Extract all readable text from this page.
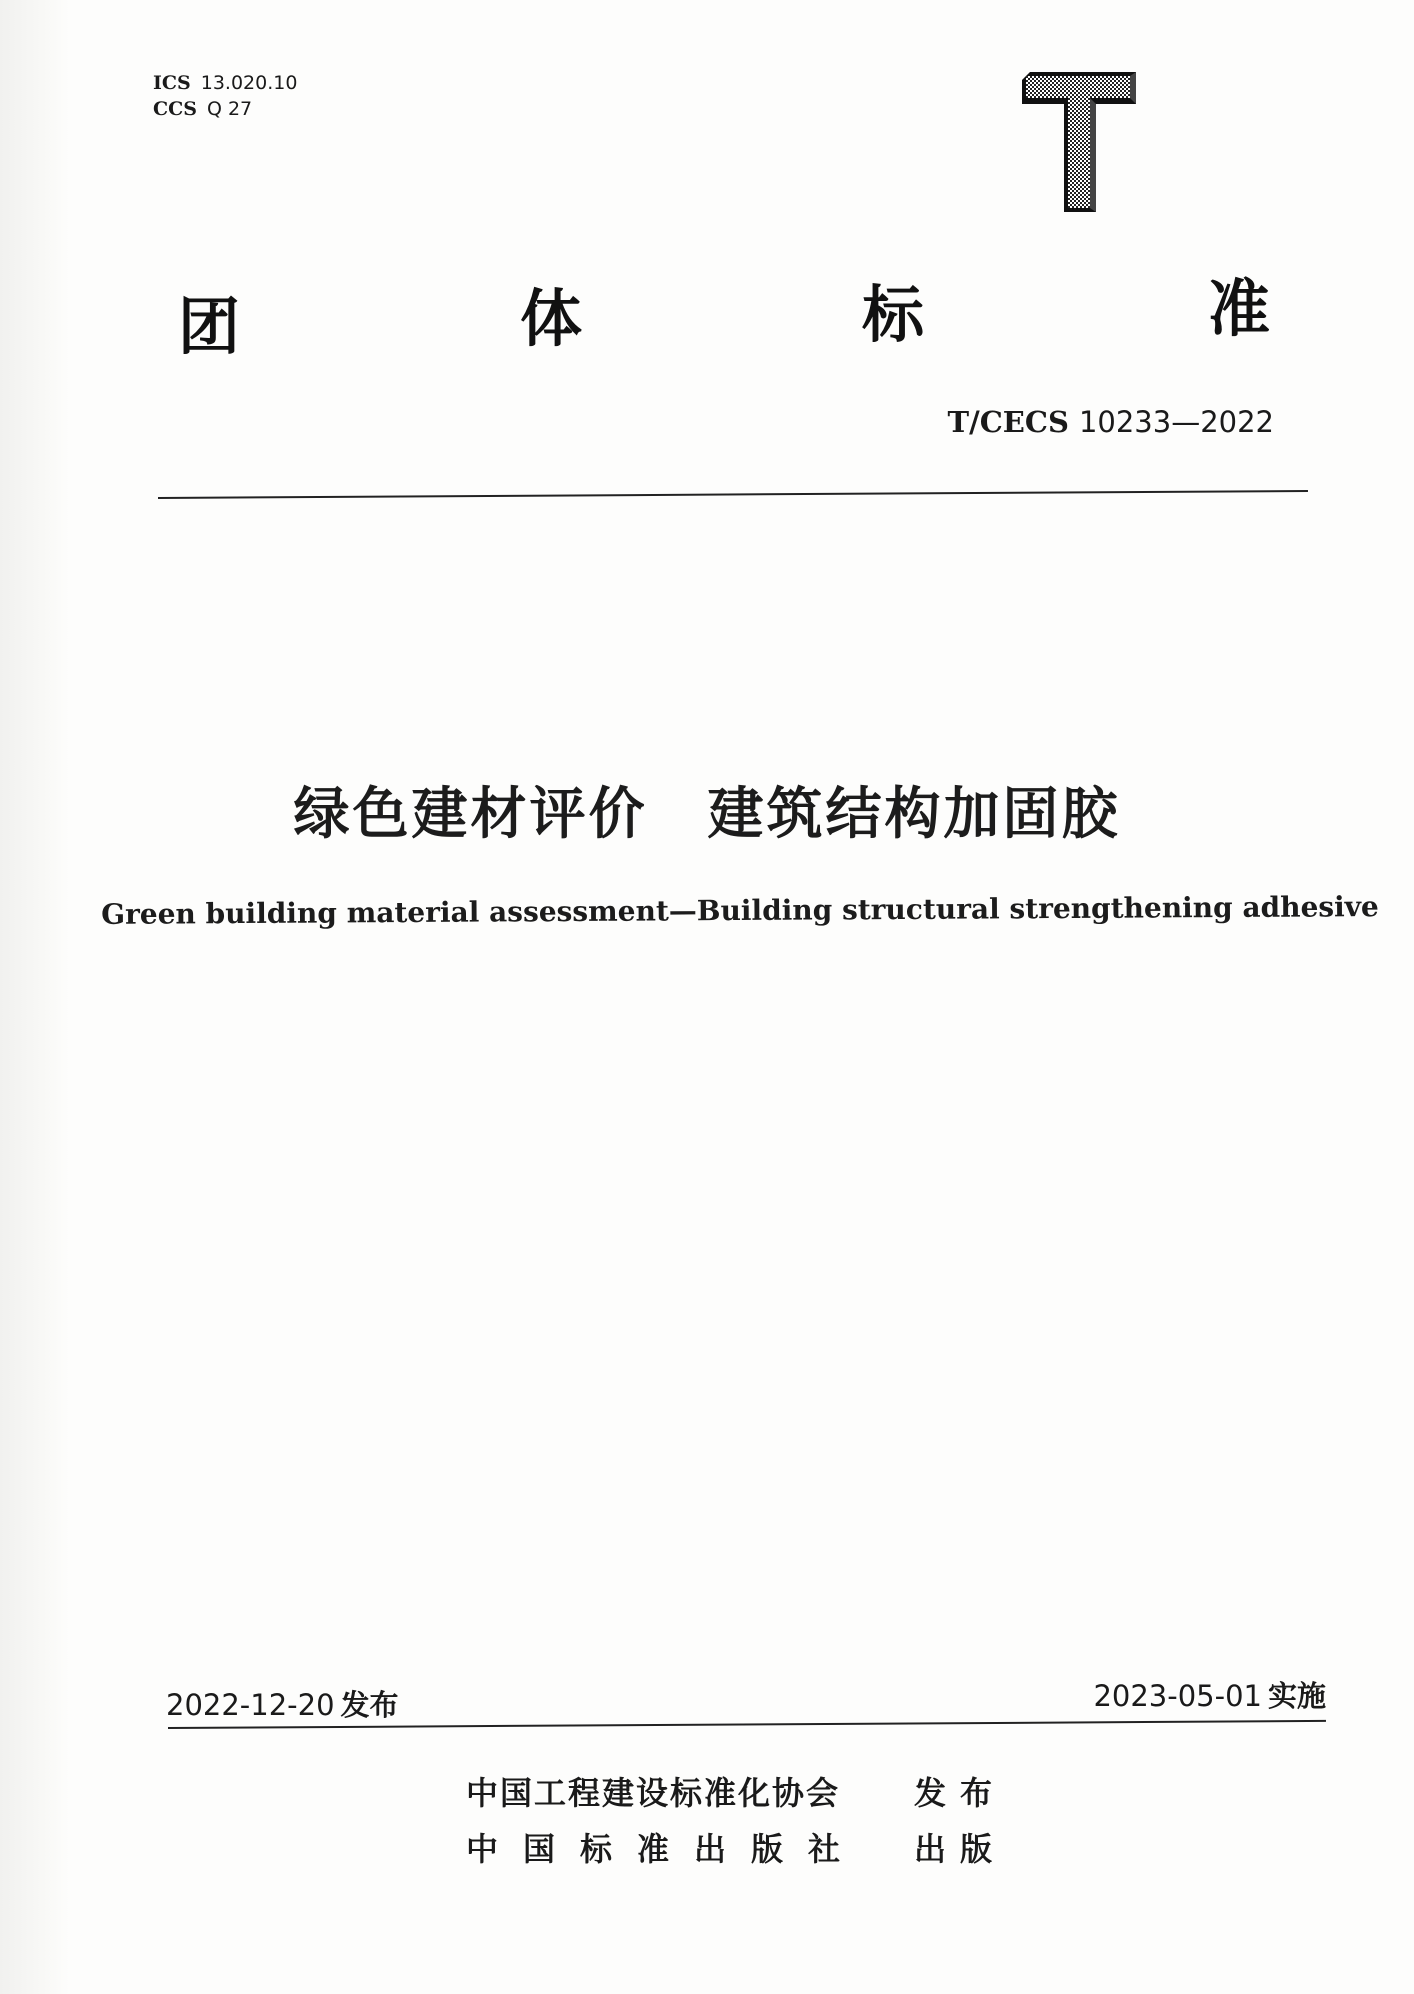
ICS 13.020.10
CCS Q 27
团	体	标	准
T/CECS 10233—2022
绿色建材评价 建筑结构加固胶
Green building material assessment—Building structural strengthening adhesive
2022-12-20 发布	2023-05-01 实施
中国工程建设标准化协会 发布
中国标准出版社 出版
